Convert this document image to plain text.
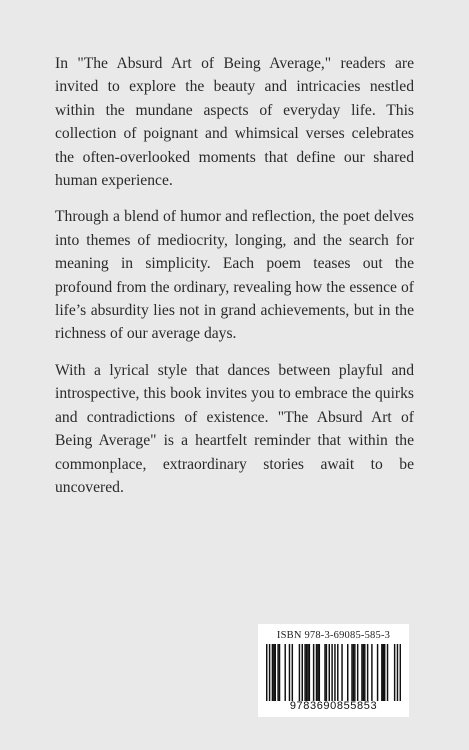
In "The Absurd Art of Being Average," readers are invited to explore the beauty and intricacies nestled within the mundane aspects of everyday life. This collection of poignant and whimsical verses celebrates the often-overlooked moments that define our shared human experience.

Through a blend of humor and reflection, the poet delves into themes of mediocrity, longing, and the search for meaning in simplicity. Each poem teases out the profound from the ordinary, revealing how the essence of life’s absurdity lies not in grand achievements, but in the richness of our average days.

With a lyrical style that dances between playful and introspective, this book invites you to embrace the quirks and contradictions of existence. "The Absurd Art of Being Average" is a heartfelt reminder that within the commonplace, extraordinary stories await to be uncovered.

ISBN 978-3-69085-585-3
9783690855853
